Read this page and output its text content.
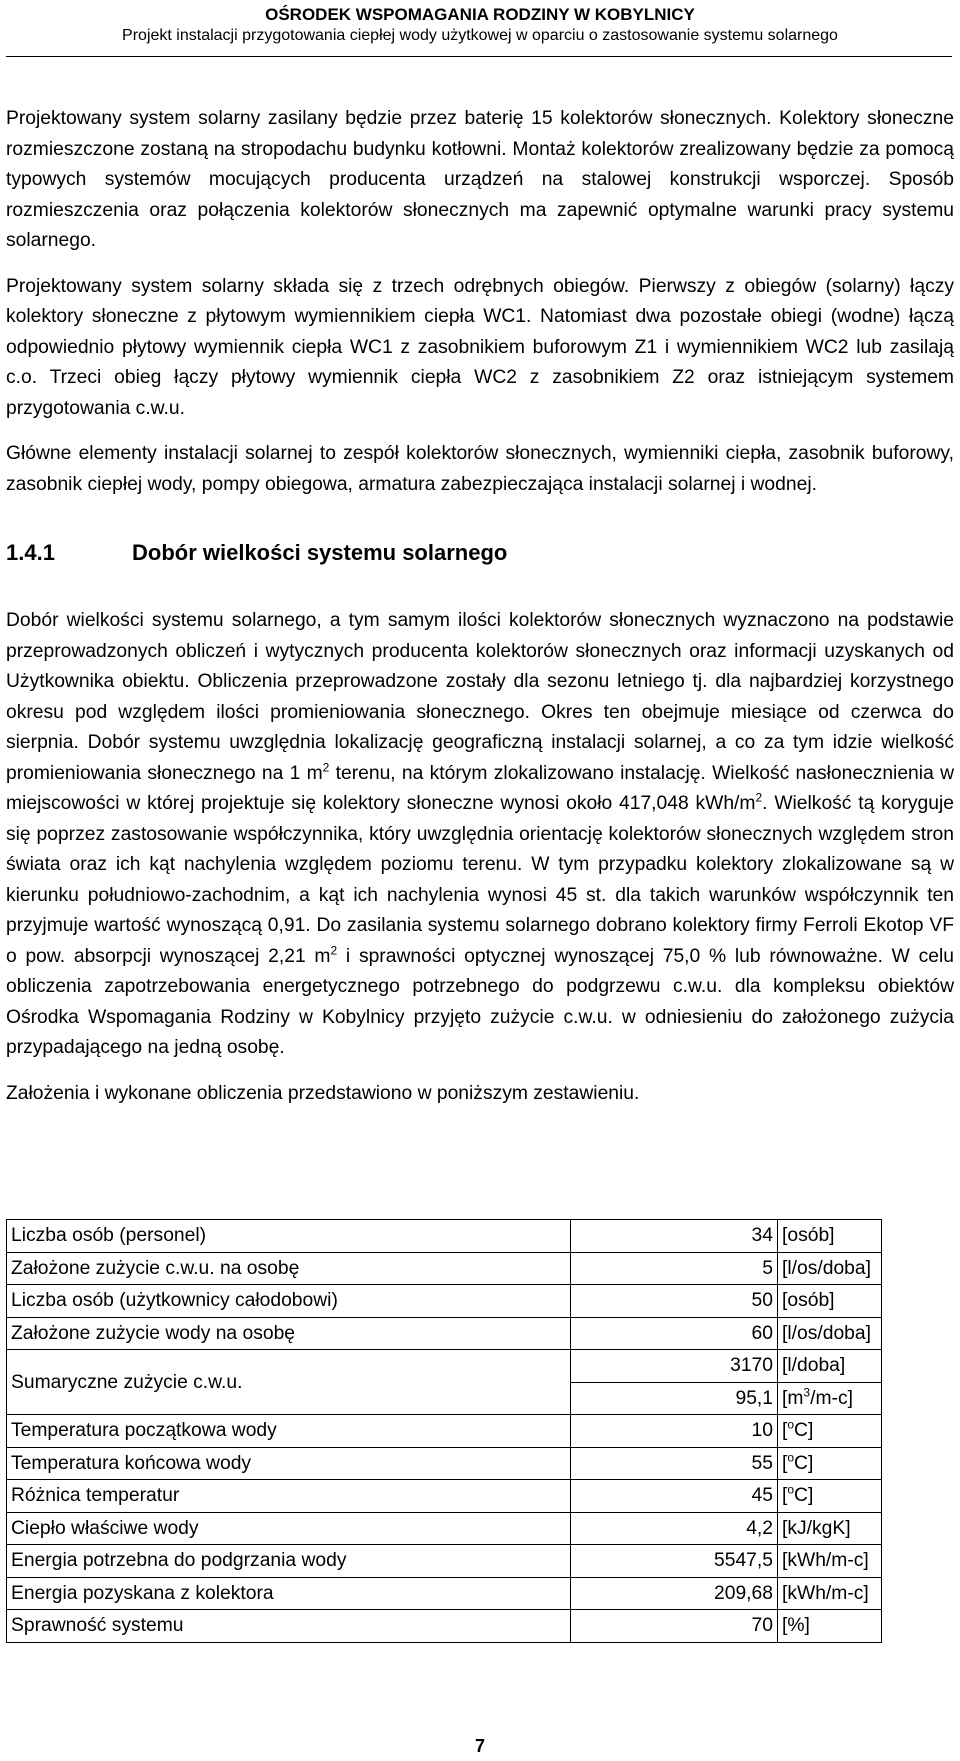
OŚRODEK WSPOMAGANIA RODZINY W KOBYLNICY
Projekt instalacji przygotowania ciepłej wody użytkowej w oparciu o zastosowanie systemu solarnego

Projektowany system solarny zasilany będzie przez baterię 15 kolektorów słonecznych. Kolektory słoneczne rozmieszczone zostaną na stropodachu budynku kotłowni. Montaż kolektorów zrealizowany będzie za pomocą typowych systemów mocujących producenta urządzeń na stalowej konstrukcji wsporczej. Sposób rozmieszczenia oraz połączenia kolektorów słonecznych ma zapewnić optymalne warunki pracy systemu solarnego.

Projektowany system solarny składa się z trzech odrębnych obiegów. Pierwszy z obiegów (solarny) łączy kolektory słoneczne z płytowym wymiennikiem ciepła WC1. Natomiast dwa pozostałe obiegi (wodne) łączą odpowiednio płytowy wymiennik ciepła WC1 z zasobnikiem buforowym Z1 i wymiennikiem WC2 lub zasilają c.o. Trzeci obieg łączy płytowy wymiennik ciepła WC2 z zasobnikiem Z2 oraz istniejącym systemem przygotowania c.w.u.

Główne elementy instalacji solarnej to zespół kolektorów słonecznych, wymienniki ciepła, zasobnik buforowy, zasobnik ciepłej wody, pompy obiegowa, armatura zabezpieczająca instalacji solarnej i wodnej.

1.4.1	Dobór wielkości systemu solarnego

Dobór wielkości systemu solarnego, a tym samym ilości kolektorów słonecznych wyznaczono na podstawie przeprowadzonych obliczeń i wytycznych producenta kolektorów słonecznych oraz informacji uzyskanych od Użytkownika obiektu. Obliczenia przeprowadzone zostały dla sezonu letniego tj. dla najbardziej korzystnego okresu pod względem ilości promieniowania słonecznego. Okres ten obejmuje miesiące od czerwca do sierpnia. Dobór systemu uwzględnia lokalizację geograficzną instalacji solarnej, a co za tym idzie wielkość promieniowania słonecznego na 1 $m^2$ terenu, na którym zlokalizowano instalację. Wielkość nasłonecznienia w miejscowości w której projektuje się kolektory słoneczne wynosi około 417,048 kWh/$m^2$. Wielkość tą koryguje się poprzez zastosowanie współczynnika, który uwzględnia orientację kolektorów słonecznych względem stron świata oraz ich kąt nachylenia względem poziomu terenu. W tym przypadku kolektory zlokalizowane są w kierunku południowo-zachodnim, a kąt ich nachylenia wynosi 45 st. dla takich warunków współczynnik ten przyjmuje wartość wynoszącą 0,91. Do zasilania systemu solarnego dobrano kolektory firmy Ferroli Ekotop VF o pow. absorpcji wynoszącej 2,21 $m^2$ i sprawności optycznej wynoszącej 75,0 % lub równoważne. W celu obliczenia zapotrzebowania energetycznego potrzebnego do podgrzewu c.w.u. dla kompleksu obiektów Ośrodka Wspomagania Rodziny w Kobylnicy przyjęto zużycie c.w.u. w odniesieniu do założonego zużycia przypadającego na jedną osobę.

Założenia i wykonane obliczenia przedstawiono w poniższym zestawieniu.

Liczba osób (personel)	34	[osób]
Założone zużycie c.w.u. na osobę	5	[l/os/doba]
Liczba osób (użytkownicy całodobowi)	50	[osób]
Założone zużycie wody na osobę	60	[l/os/doba]
Sumaryczne zużycie c.w.u.	3170	[l/doba]
	95,1	$[m^3/m-c]$
Temperatura początkowa wody	10	[$^o$C]
Temperatura końcowa wody	55	[$^o$C]
Różnica temperatur	45	[$^o$C]
Ciepło właściwe wody	4,2	[kJ/kgK]
Energia potrzebna do podgrzania wody	5547,5	[kWh/m-c]
Energia pozyskana z kolektora	209,68	[kWh/m-c]
Sprawność systemu	70	[%]
7
